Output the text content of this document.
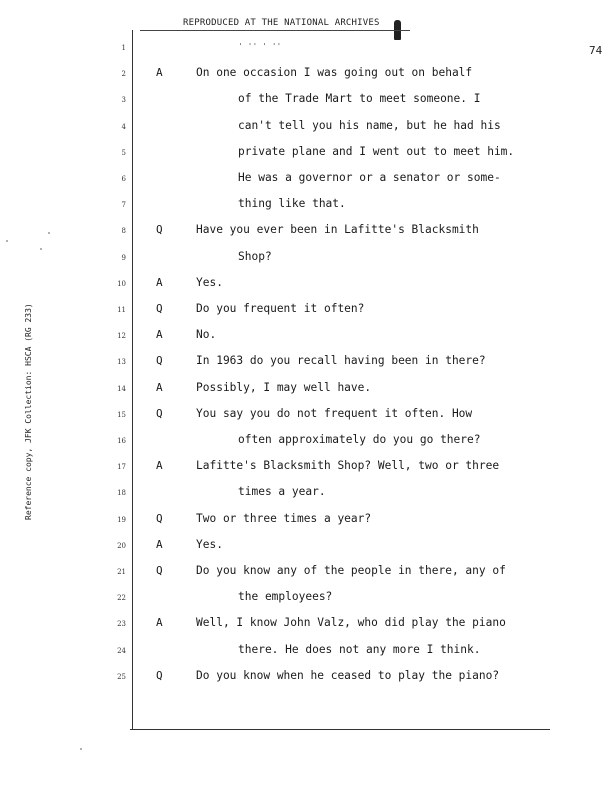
REPRODUCED AT THE NATIONAL ARCHIVES
74
Reference copy, JFK Collection: HSCA (RG 233)
1	' '' ' ''
2	A	On one occasion I was going out on behalf
3	of the Trade Mart to meet someone. I
4	can't tell you his name, but he had his
5	private plane and I went out to meet him.
6	He was a governor or a senator or some-
7	thing like that.
8	Q	Have you ever been in Lafitte's Blacksmith
9	Shop?
10	A	Yes.
11	Q	Do you frequent it often?
12	A	No.
13	Q	In 1963 do you recall having been in there?
14	A	Possibly, I may well have.
15	Q	You say you do not frequent it often. How
16	often approximately do you go there?
17	A	Lafitte's Blacksmith Shop? Well, two or three
18	times a year.
19	Q	Two or three times a year?
20	A	Yes.
21	Q	Do you know any of the people in there, any of
22	the employees?
23	A	Well, I know John Valz, who did play the piano
24	there. He does not any more I think.
25	Q	Do you know when he ceased to play the piano?
